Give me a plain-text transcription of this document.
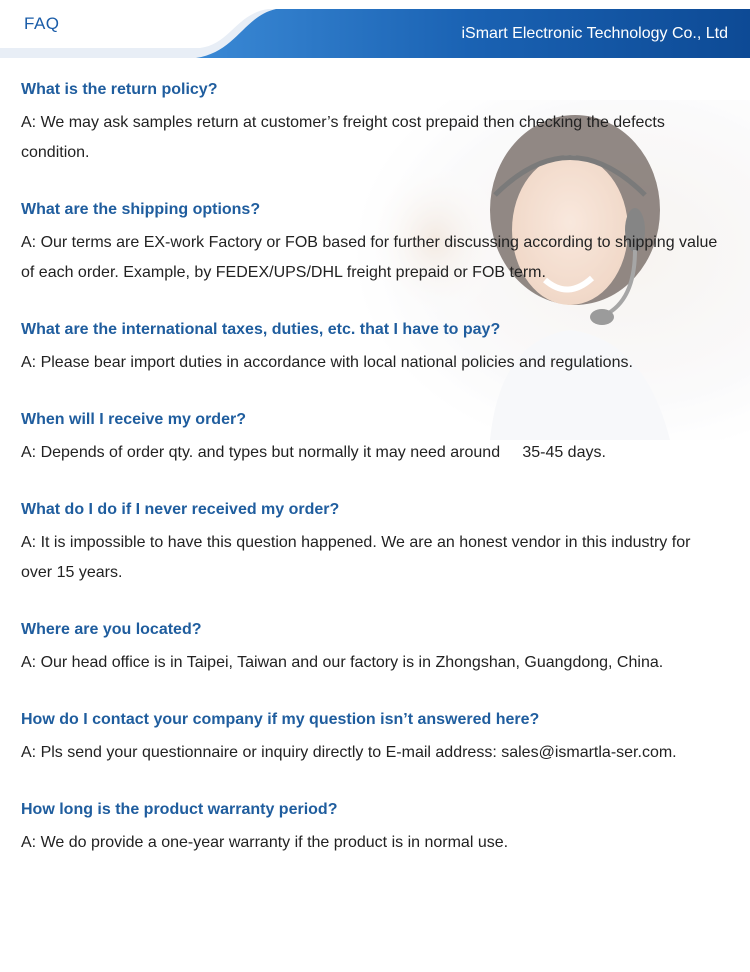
FAQ
iSmart Electronic Technology Co., Ltd
What is the return policy?
A: We may ask samples return at customer’s freight cost prepaid then checking the defects condition.
What are the shipping options?
A: Our terms are EX-work Factory or FOB based for further discussing according to shipping value of each order. Example, by FEDEX/UPS/DHL freight prepaid or FOB term.
What are the international taxes, duties, etc. that I have to pay?
A: Please bear import duties in accordance with local national policies and regulations.
When will I receive my order?
A: Depends of order qty. and types but normally it may need around     35-45 days.
What do I do if I never received my order?
A: It is impossible to have this question happened. We are an honest vendor in this industry for over 15 years.
Where are you located?
A: Our head office is in Taipei, Taiwan and our factory is in Zhongshan, Guangdong, China.
How do I contact your company if my question isn’t answered here?
A: Pls send your questionnaire or inquiry directly to E-mail address: sales@ismartla-ser.com.
How long is the product warranty period?
A: We do provide a one-year warranty if the product is in normal use.
